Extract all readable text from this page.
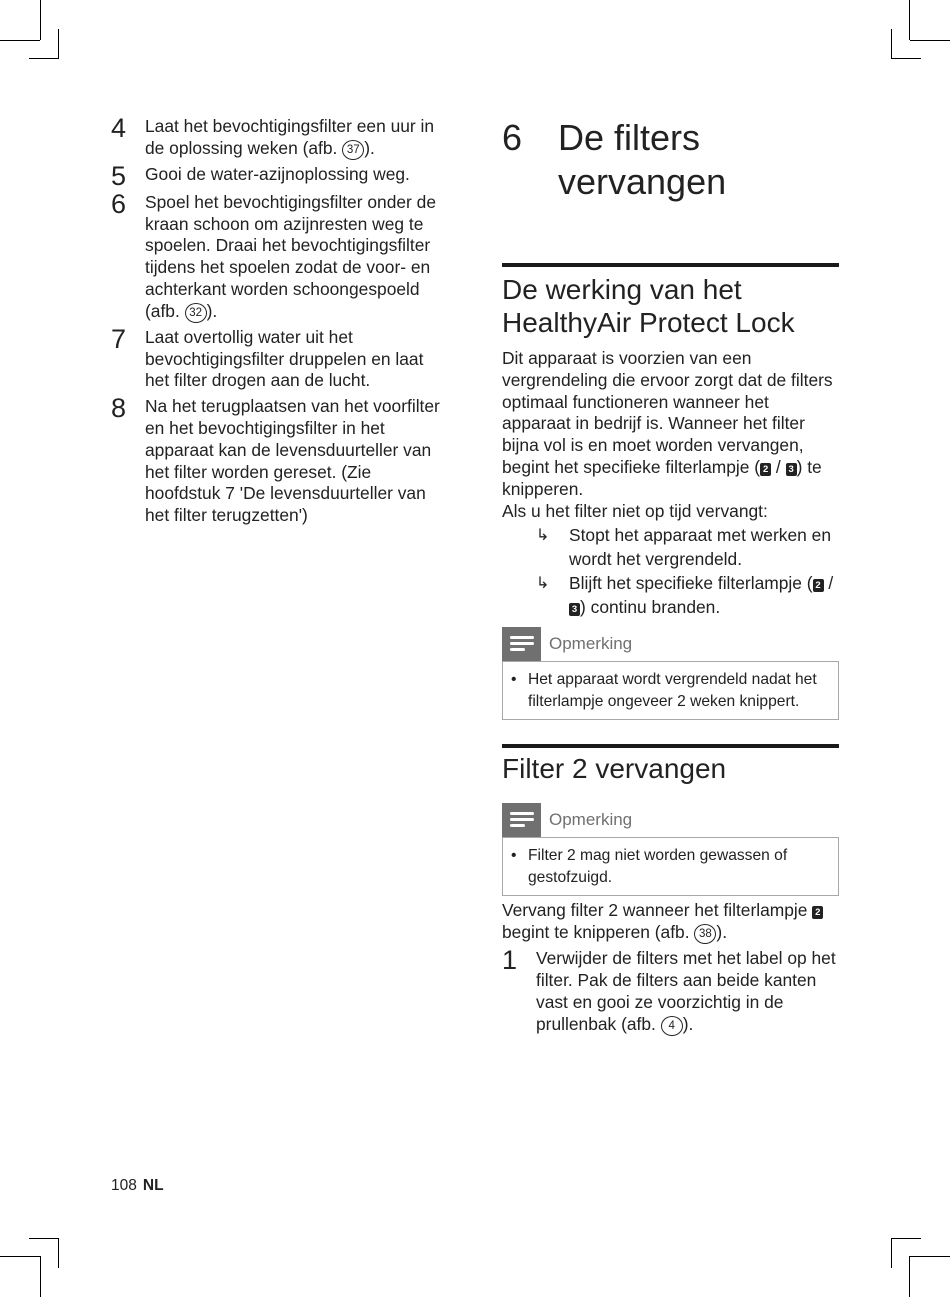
4	Laat het bevochtigingsfilter een uur in de oplossing weken (afb. 37 ).
5	Gooi de water-azijnoplossing weg.
6	Spoel het bevochtigingsfilter onder de kraan schoon om azijnresten weg te spoelen. Draai het bevochtigingsfilter tijdens het spoelen zodat de voor- en achterkant worden schoongespoeld (afb. 32 ).
7	Laat overtollig water uit het bevochtigingsfilter druppelen en laat het filter drogen aan de lucht.
8	Na het terugplaatsen van het voorfilter en het bevochtigingsfilter in het apparaat kan de levensduurteller van het filter worden gereset. (Zie hoofdstuk 7 'De levensduurteller van het filter terugzetten')
6 De filters vervangen
De werking van het HealthyAir Protect Lock
Dit apparaat is voorzien van een vergrendeling die ervoor zorgt dat de filters optimaal functioneren wanneer het apparaat in bedrijf is. Wanneer het filter bijna vol is en moet worden vervangen, begint het specifieke filterlampje ( 2 / 3 ) te knipperen.
Als u het filter niet op tijd vervangt:
↳	Stopt het apparaat met werken en wordt het vergrendeld.
↳	Blijft het specifieke filterlampje ( 2 / 3 ) continu branden.
Opmerking
• Het apparaat wordt vergrendeld nadat het filterlampje ongeveer 2 weken knippert.
Filter 2 vervangen
Opmerking
• Filter 2 mag niet worden gewassen of gestofzuigd.
Vervang filter 2 wanneer het filterlampje 2 begint te knipperen (afb. 38 ).
1	Verwijder de filters met het label op het filter. Pak de filters aan beide kanten vast en gooi ze voorzichtig in de prullenbak (afb. 4 ).
108 NL
